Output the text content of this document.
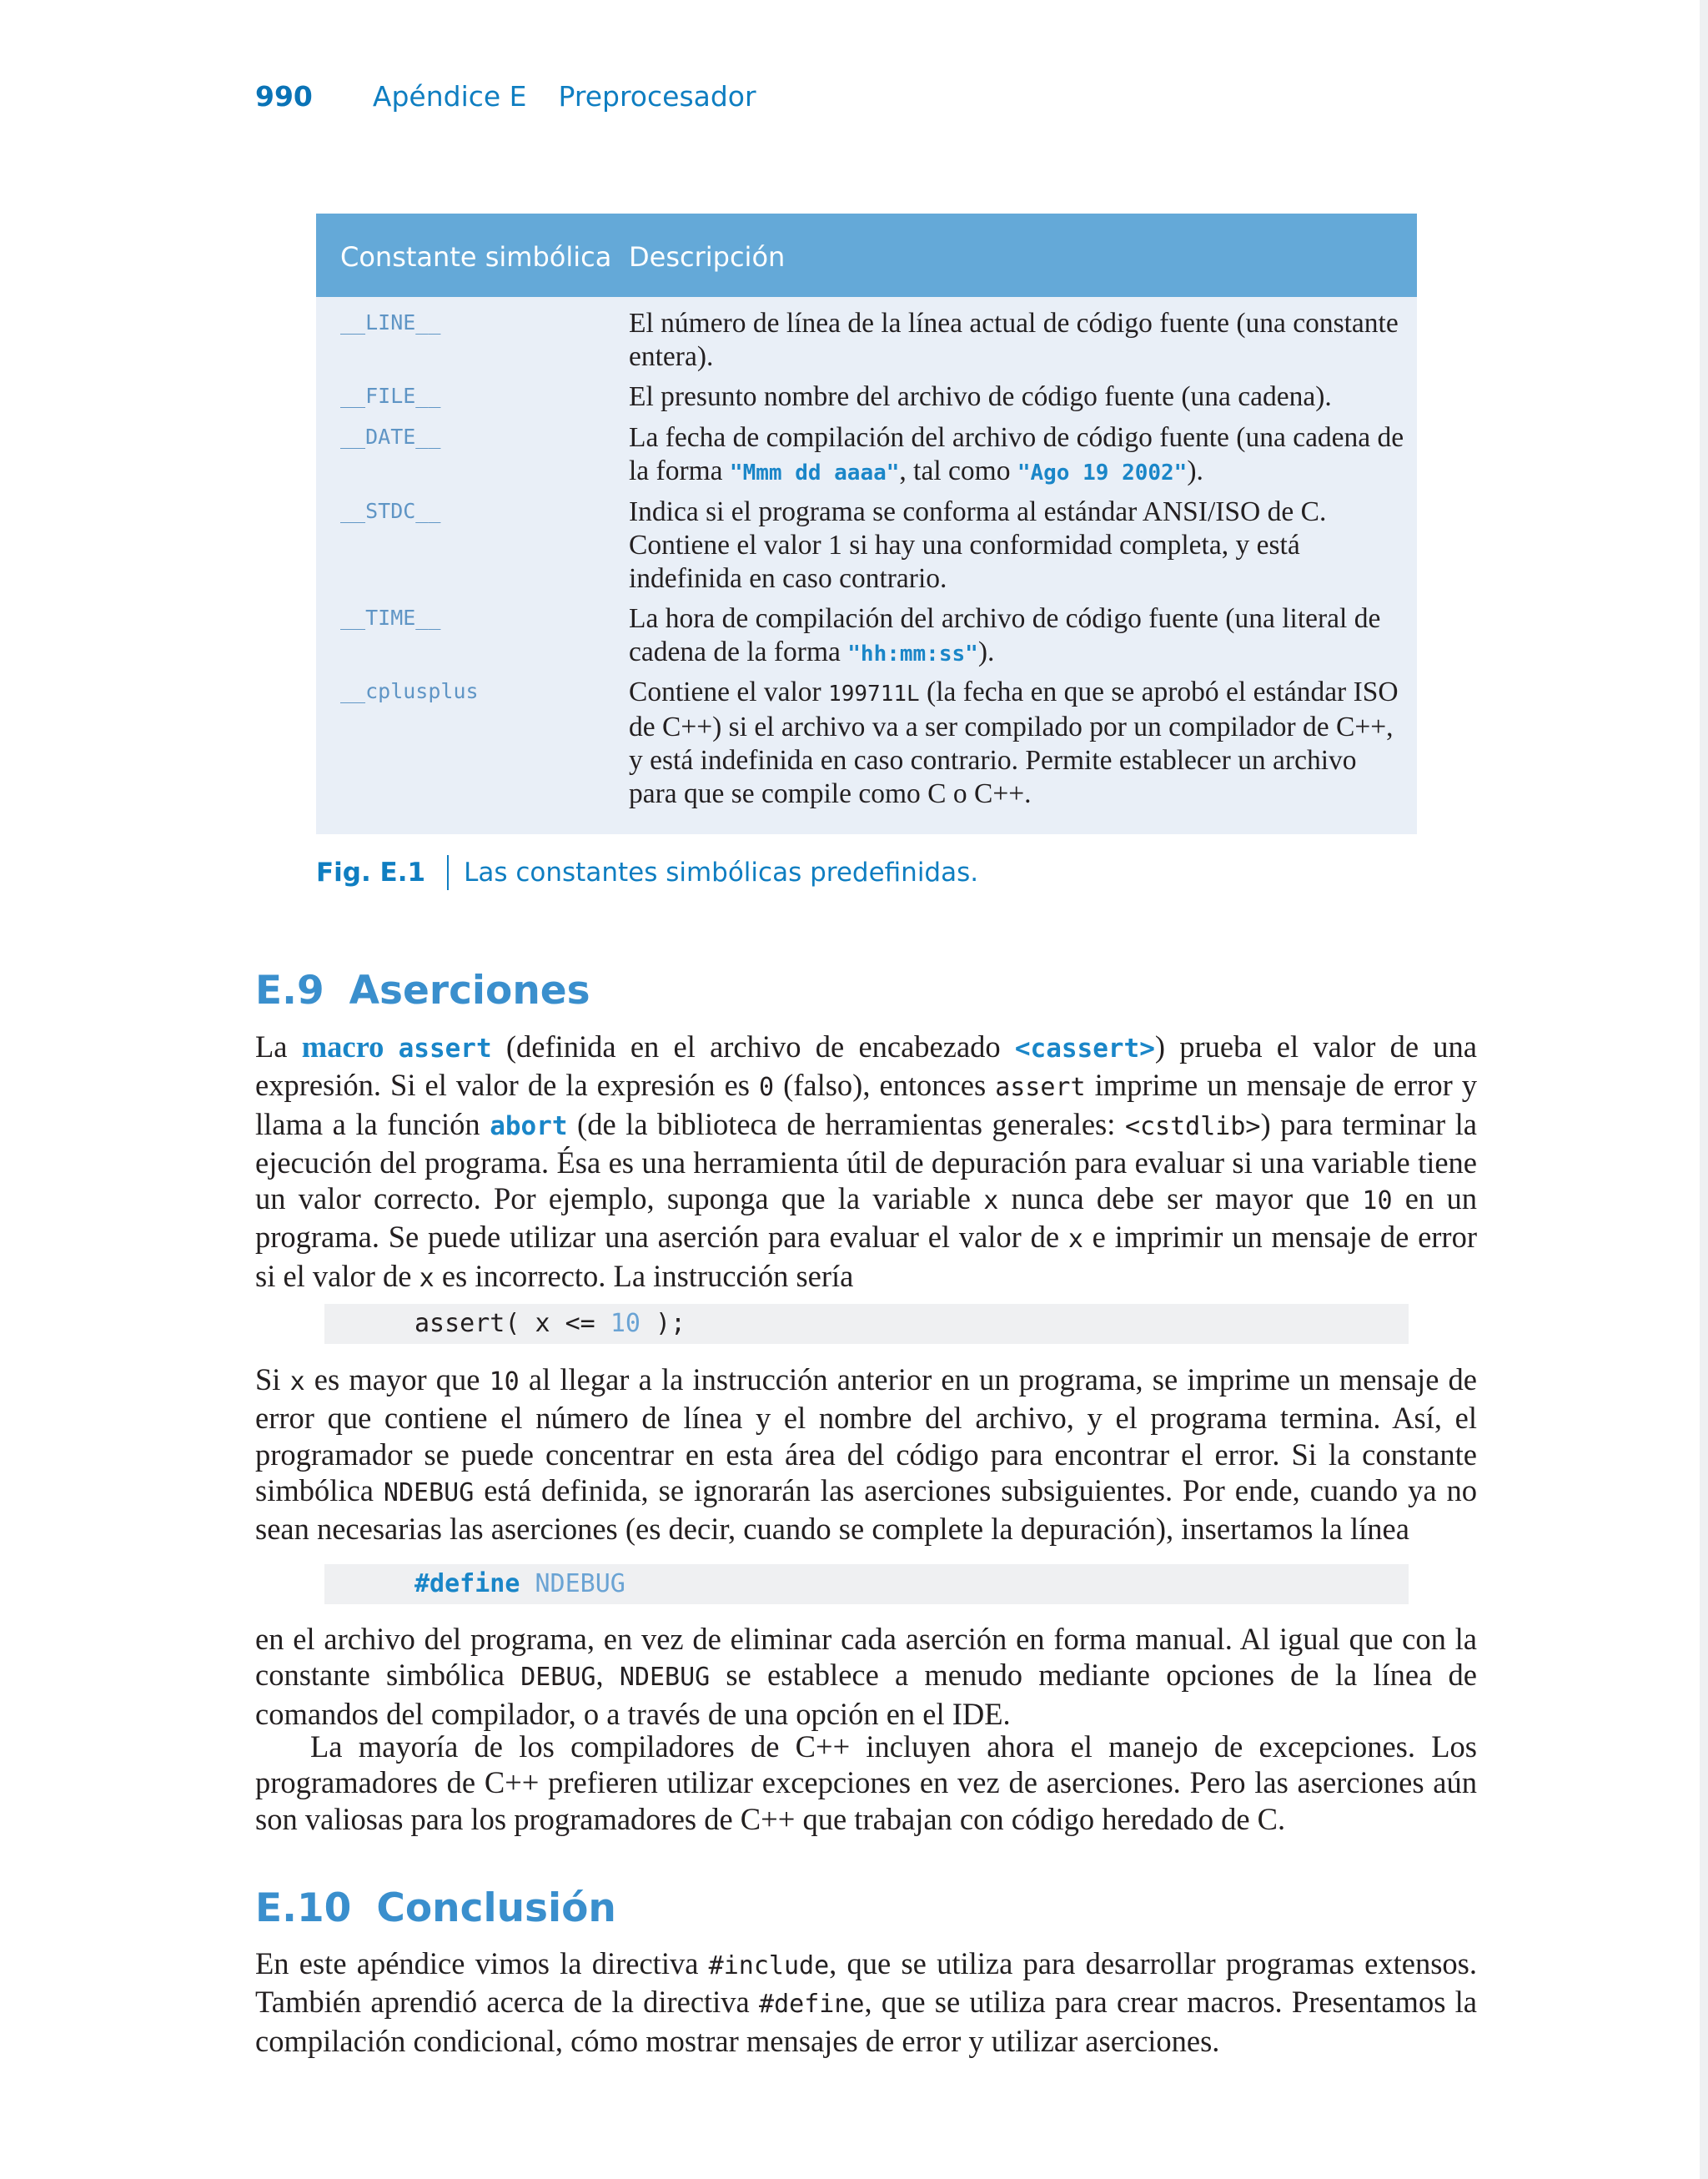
990 Apéndice E Preprocesador
Constante simbólica Descripción
__LINE__	El número de línea de la línea actual de código fuente (una constante entera).
__FILE__	El presunto nombre del archivo de código fuente (una cadena).
__DATE__	La fecha de compilación del archivo de código fuente (una cadena de la forma "Mmm dd aaaa", tal como "Ago 19 2002").
__STDC__	Indica si el programa se conforma al estándar ANSI/ISO de C. Contiene el valor 1 si hay una conformidad completa, y está indefinida en caso contrario.
__TIME__	La hora de compilación del archivo de código fuente (una literal de cadena de la forma "hh:mm:ss").
__cplusplus	Contiene el valor 199711L (la fecha en que se aprobó el estándar ISO de C++) si el archivo va a ser compilado por un compilador de C++, y está indefinida en caso contrario. Permite establecer un archivo para que se compile como C o C++.
Fig. E.1 Las constantes simbólicas predefinidas.
E.9 Aserciones
La macro assert (definida en el archivo de encabezado <cassert>) prueba el valor de una expresión. Si el valor de la expresión es 0 (falso), entonces assert imprime un mensaje de error y llama a la función abort (de la biblioteca de herramientas generales: <cstdlib>) para terminar la ejecución del programa. Ésa es una herramienta útil de depuración para evaluar si una variable tiene un valor correcto. Por ejemplo, suponga que la variable x nunca debe ser mayor que 10 en un programa. Se puede utilizar una aserción para evaluar el valor de x e imprimir un mensaje de error si el valor de x es incorrecto. La instrucción sería

assert( x <= 10 );

Si x es mayor que 10 al llegar a la instrucción anterior en un programa, se imprime un mensaje de error que contiene el número de línea y el nombre del archivo, y el programa termina. Así, el programador se puede concentrar en esta área del código para encontrar el error. Si la constante simbólica NDEBUG está definida, se ignorarán las aserciones subsiguientes. Por ende, cuando ya no sean necesarias las aserciones (es decir, cuando se complete la depuración), insertamos la línea

#define NDEBUG

en el archivo del programa, en vez de eliminar cada aserción en forma manual. Al igual que con la constante simbólica DEBUG, NDEBUG se establece a menudo mediante opciones de la línea de comandos del compilador, o a través de una opción en el IDE.
La mayoría de los compiladores de C++ incluyen ahora el manejo de excepciones. Los programadores de C++ prefieren utilizar excepciones en vez de aserciones. Pero las aserciones aún son valiosas para los programadores de C++ que trabajan con código heredado de C.
E.10 Conclusión
En este apéndice vimos la directiva #include, que se utiliza para desarrollar programas extensos. También aprendió acerca de la directiva #define, que se utiliza para crear macros. Presentamos la compilación condicional, cómo mostrar mensajes de error y utilizar aserciones.
